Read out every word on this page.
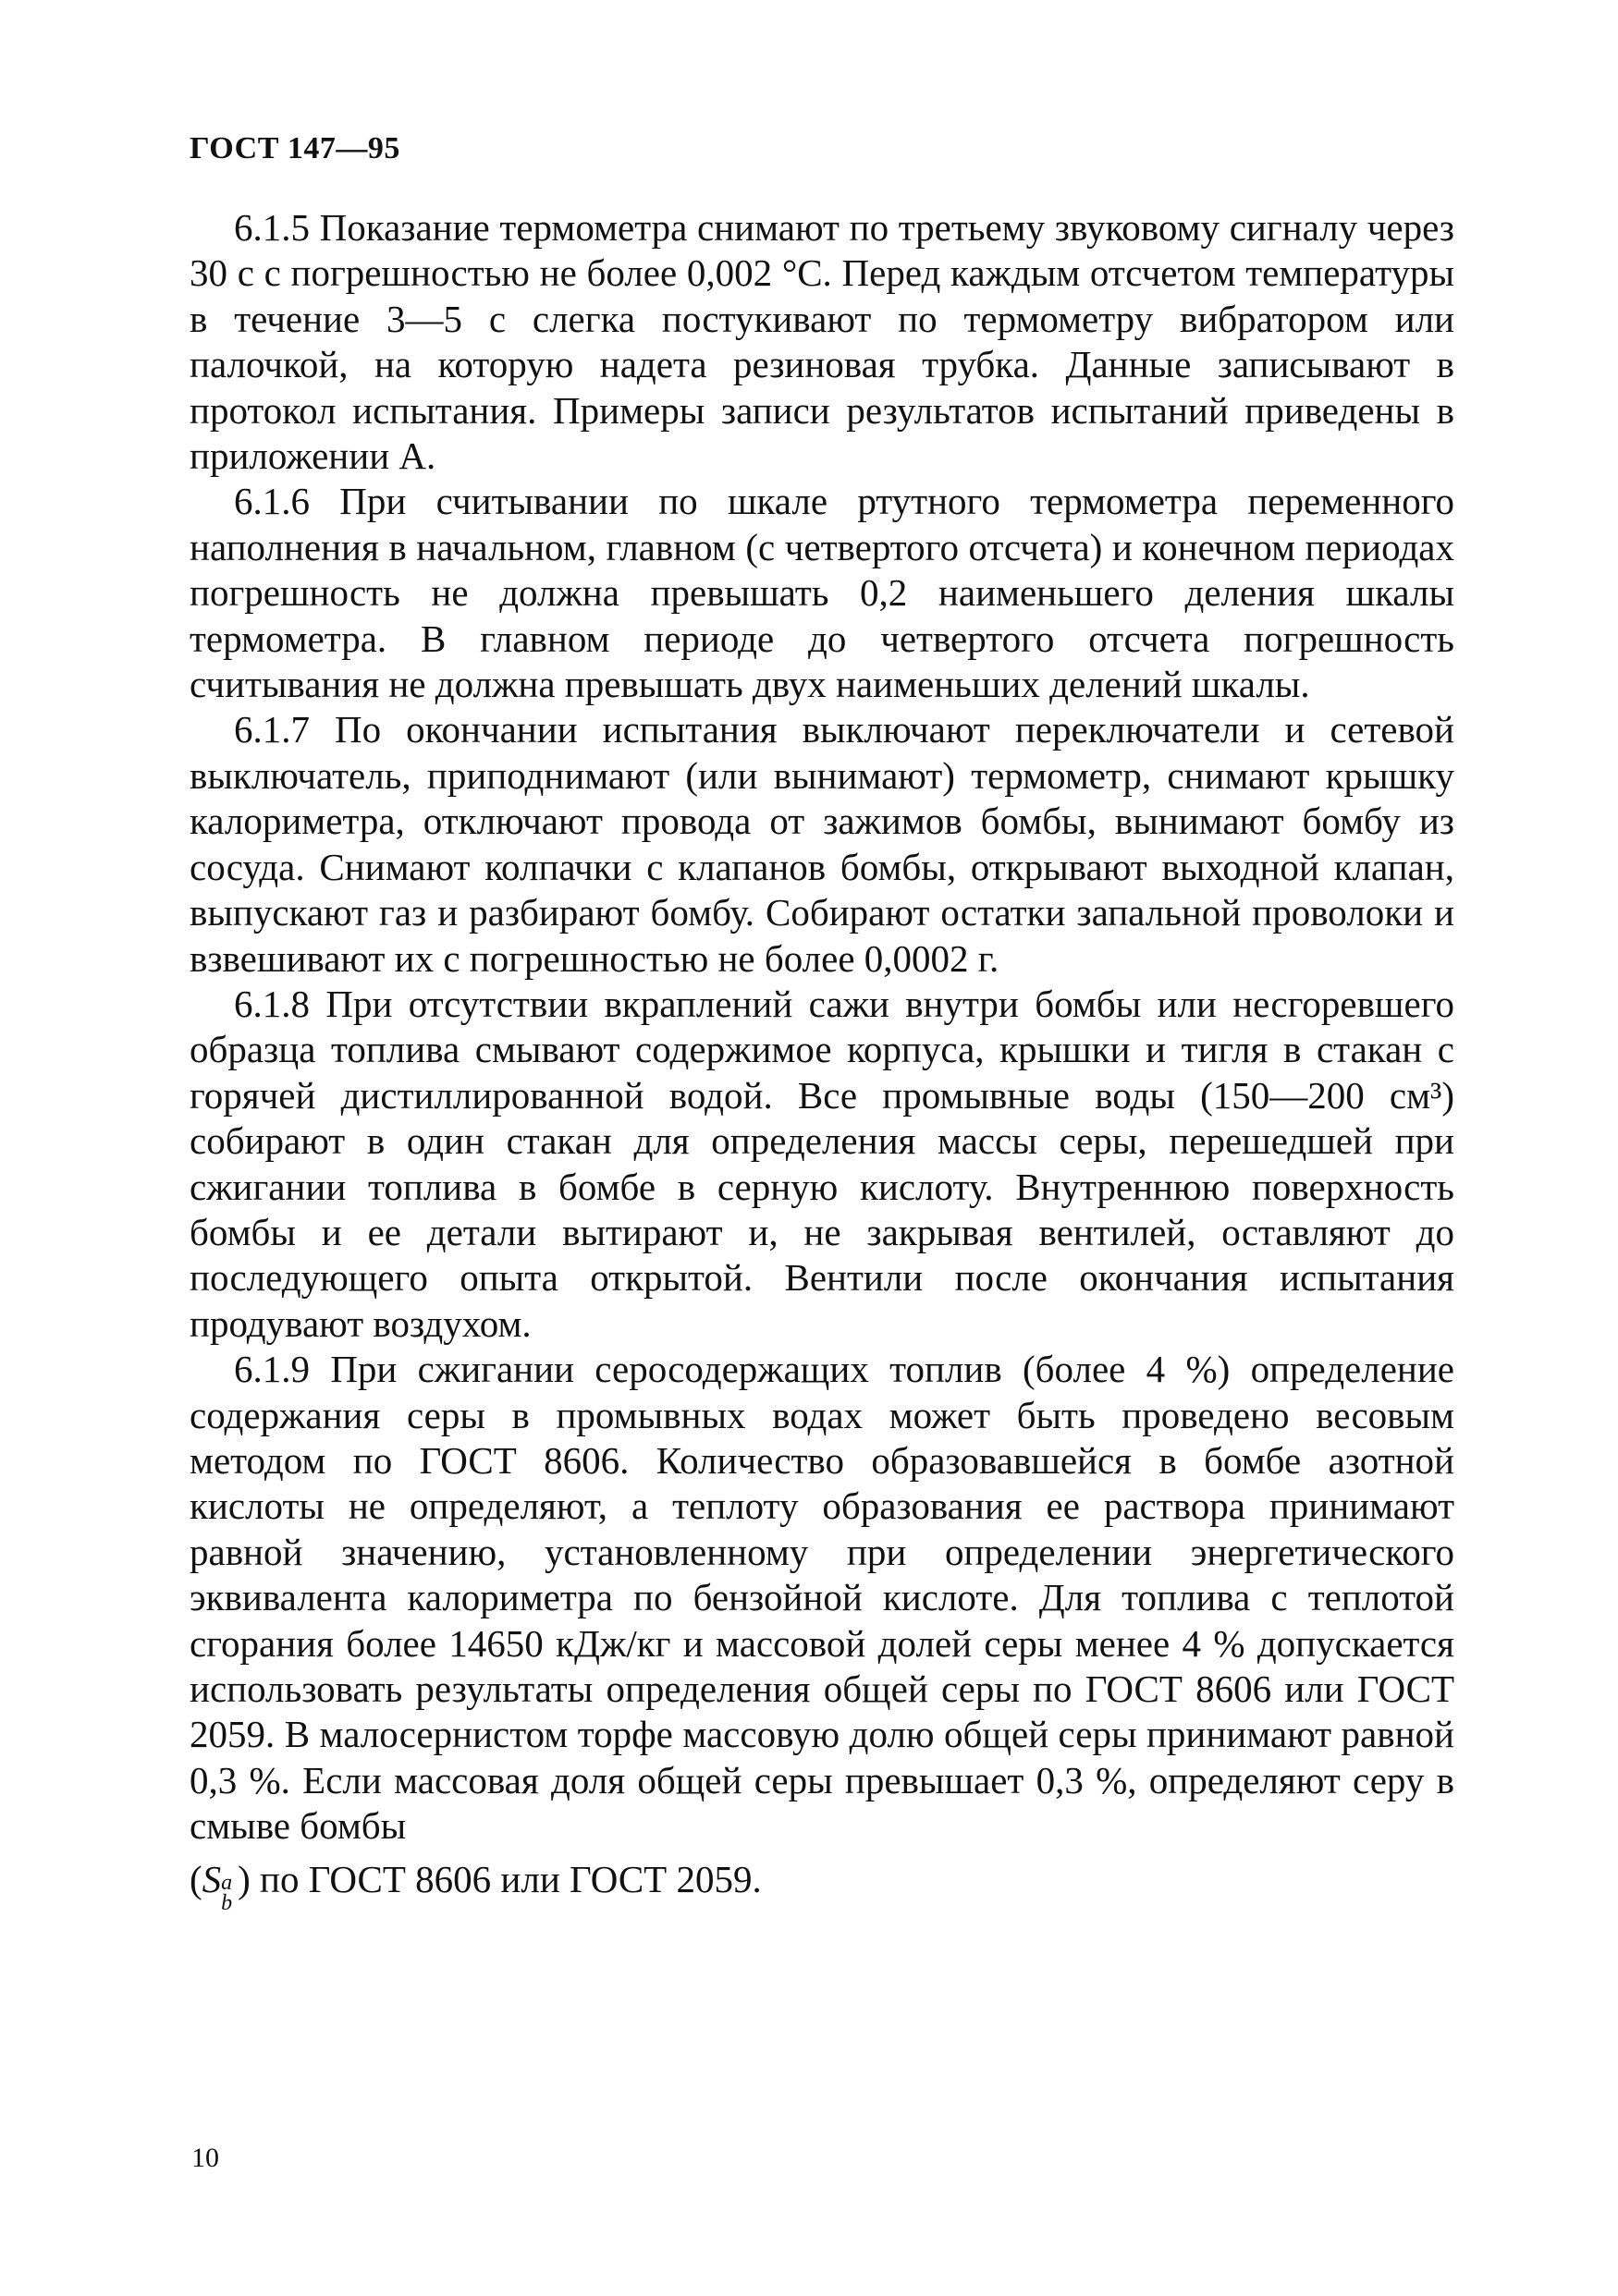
ГОСТ 147—95

6.1.5 Показание термометра снимают по третьему звуковому сигналу через 30 с с погрешностью не более 0,002 °С. Перед каждым отсчетом температуры в течение 3—5 с слегка постукивают по термометру вибратором или палочкой, на которую надета резиновая трубка. Данные записывают в протокол испытания. Примеры записи результатов испытаний приведены в приложении А.

6.1.6 При считывании по шкале ртутного термометра переменного наполнения в начальном, главном (с четвертого отсчета) и конечном периодах погрешность не должна превышать 0,2 наименьшего деления шкалы термометра. В главном периоде до четвертого отсчета погрешность считывания не должна превышать двух наименьших делений шкалы.

6.1.7 По окончании испытания выключают переключатели и сетевой выключатель, приподнимают (или вынимают) термометр, снимают крышку калориметра, отключают провода от зажимов бомбы, вынимают бомбу из сосуда. Снимают колпачки с клапанов бомбы, открывают выходной клапан, выпускают газ и разбирают бомбу. Собирают остатки запальной проволоки и взвешивают их с погрешностью не более 0,0002 г.

6.1.8 При отсутствии вкраплений сажи внутри бомбы или несгоревшего образца топлива смывают содержимое корпуса, крышки и тигля в стакан с горячей дистиллированной водой. Все промывные воды (150—200 см³) собирают в один стакан для определения массы серы, перешедшей при сжигании топлива в бомбе в серную кислоту. Внутреннюю поверхность бомбы и ее детали вытирают и, не закрывая вентилей, оставляют до последующего опыта открытой. Вентили после окончания испытания продувают воздухом.

6.1.9 При сжигании серосодержащих топлив (более 4 %) определение содержания серы в промывных водах может быть проведено весовым методом по ГОСТ 8606. Количество образовавшейся в бомбе азотной кислоты не определяют, а теплоту образования ее раствора принимают равной значению, установленному при определении энергетического эквивалента калориметра по бензойной кислоте. Для топлива с теплотой сгорания более 14650 кДж/кг и массовой долей серы менее 4 % допускается использовать результаты определения общей серы по ГОСТ 8606 или ГОСТ 2059. В малосернистом торфе массовую долю общей серы принимают равной 0,3 %. Если массовая доля общей серы превышает 0,3 %, определяют серу в смыве бомбы

(S a
b
) по ГОСТ 8606 или ГОСТ 2059.
10
